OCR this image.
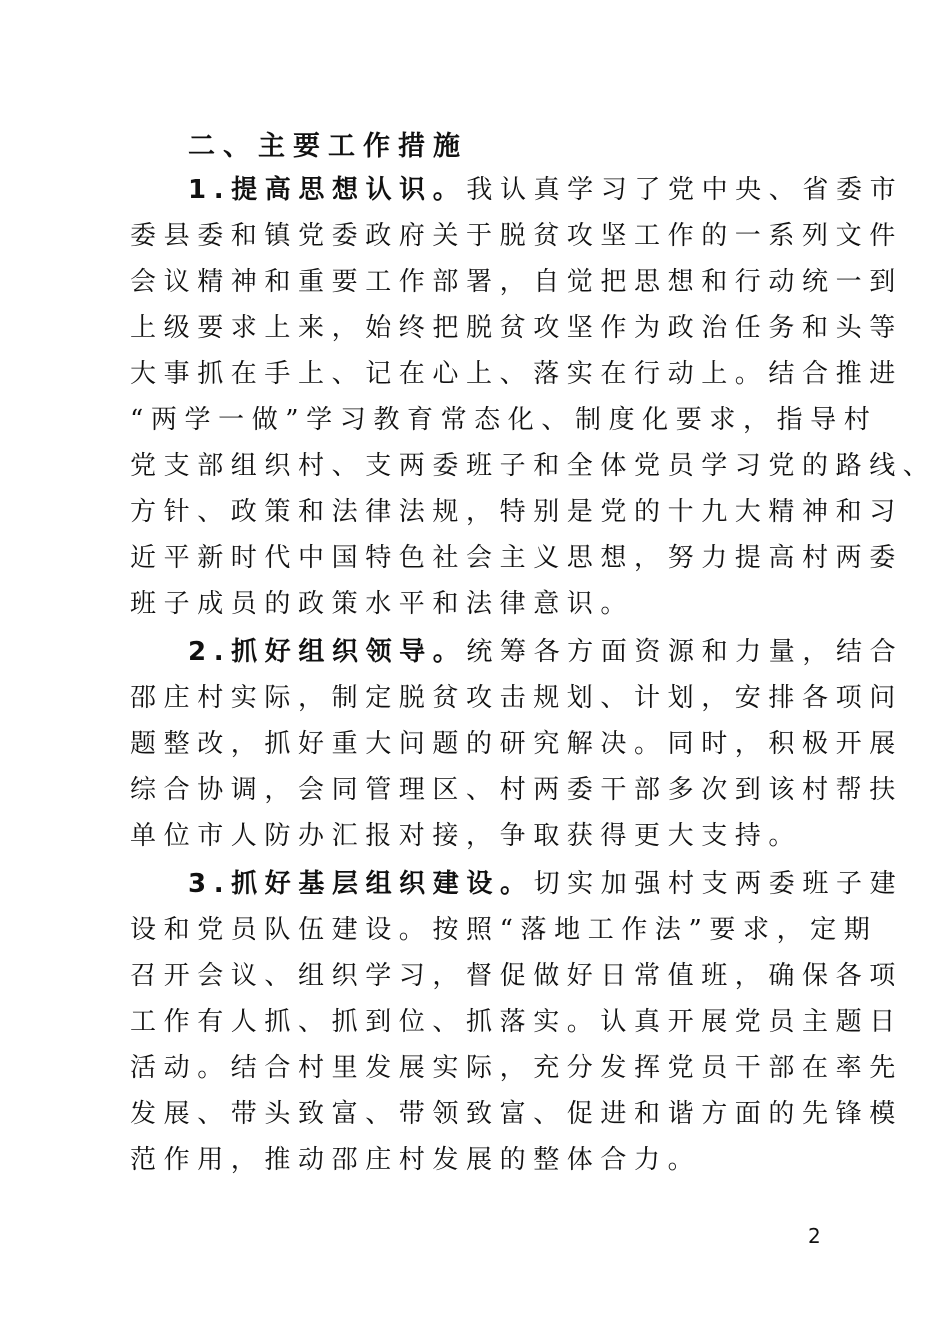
二、主要工作措施
1.提高思想认识。我认真学习了党中央、省委市
委县委和镇党委政府关于脱贫攻坚工作的一系列文件
会议精神和重要工作部署，自觉把思想和行动统一到
上级要求上来，始终把脱贫攻坚作为政治任务和头等
大事抓在手上、记在心上、落实在行动上。结合推进
“两学一做”学习教育常态化、制度化要求，指导村
党支部组织村、支两委班子和全体党员学习党的路线、
方针、政策和法律法规，特别是党的十九大精神和习
近平新时代中国特色社会主义思想，努力提高村两委
班子成员的政策水平和法律意识。
2.抓好组织领导。统筹各方面资源和力量，结合
邵庄村实际，制定脱贫攻击规划、计划，安排各项问
题整改，抓好重大问题的研究解决。同时，积极开展
综合协调，会同管理区、村两委干部多次到该村帮扶
单位市人防办汇报对接，争取获得更大支持。
3.抓好基层组织建设。切实加强村支两委班子建
设和党员队伍建设。按照“落地工作法”要求，定期
召开会议、组织学习，督促做好日常值班，确保各项
工作有人抓、抓到位、抓落实。认真开展党员主题日
活动。结合村里发展实际，充分发挥党员干部在率先
发展、带头致富、带领致富、促进和谐方面的先锋模
范作用，推动邵庄村发展的整体合力。
2
